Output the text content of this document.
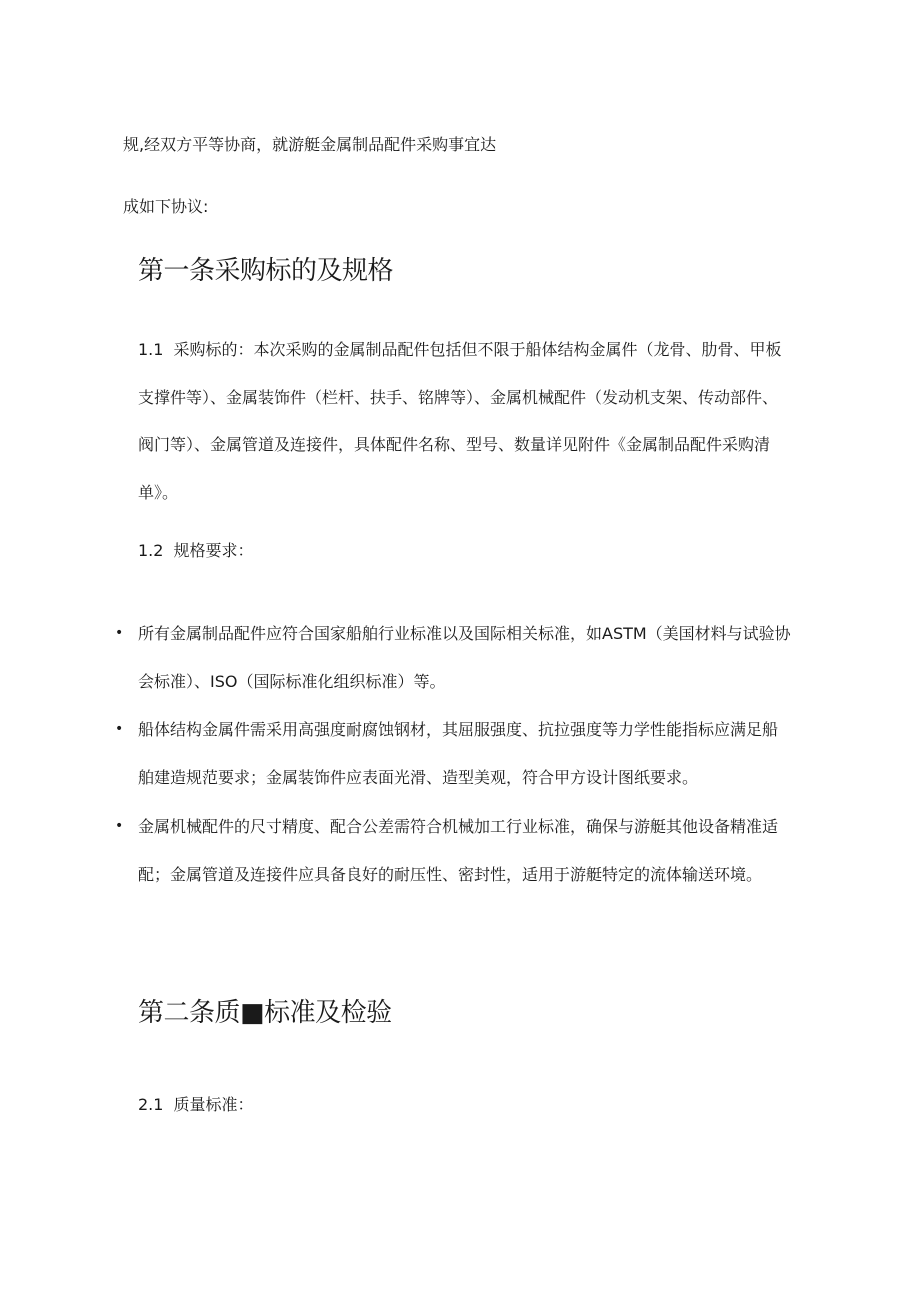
规,经双方平等协商，就游艇金属制品配件采购事宜达

成如下协议:

第一条采购标的及规格

1.1 采购标的：本次采购的金属制品配件包括但不限于船体结构金属件（龙骨、肋骨、甲板支撑件等）、金属装饰件（栏杆、扶手、铭牌等）、金属机械配件（发动机支架、传动部件、阀门等）、金属管道及连接件，具体配件名称、型号、数量详见附件《金属制品配件采购清单》。

1.2 规格要求：

• 所有金属制品配件应符合国家船舶行业标准以及国际相关标准，如ASTM（美国材料与试验协会标准）、ISO（国际标准化组织标准）等。
• 船体结构金属件需采用高强度耐腐蚀钢材，其屈服强度、抗拉强度等力学性能指标应满足船舶建造规范要求；金属装饰件应表面光滑、造型美观，符合甲方设计图纸要求。
• 金属机械配件的尺寸精度、配合公差需符合机械加工行业标准，确保与游艇其他设备精准适配；金属管道及连接件应具备良好的耐压性、密封性，适用于游艇特定的流体输送环境。
第二条质■标准及检验

2.1 质量标准：
